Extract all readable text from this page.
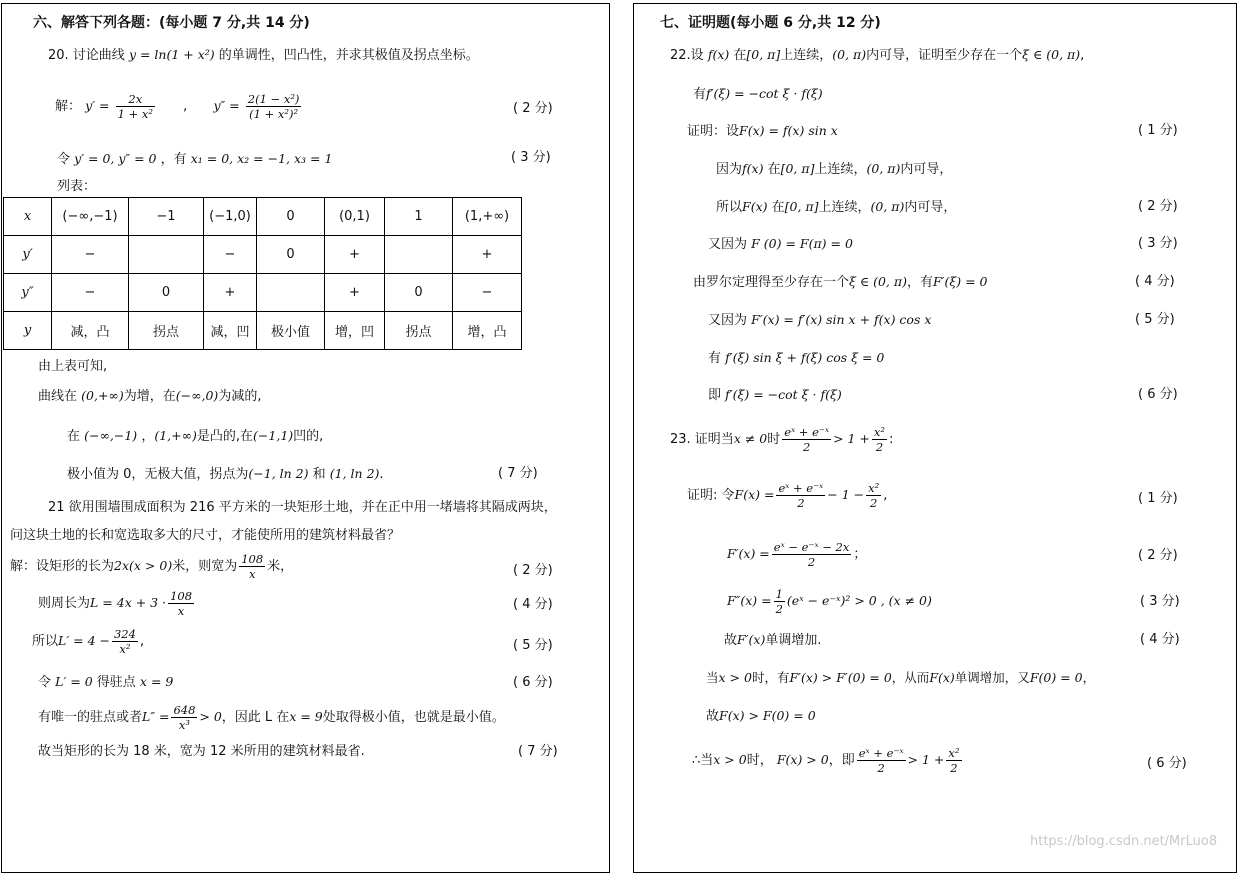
六、解答下列各题：(每小题 7 分,共 14 分)
20. 讨论曲线 y = ln(1 + x²) 的单调性，凹凸性，并求其极值及拐点坐标。
解： $y' = \frac{2x}{\text{1 + x²}}$ , $y'' = \frac{\text{2(1 − x²)}}{\text{(1 + x²)²}}$	( 2 分)
令 y′ = 0, y″ = 0 ，有 x₁ = 0, x₂ = −1, x₃ = 1	( 3 分)
列表：
x	(−∞,−1)	−1	(−1,0)	0	(0,1)	1	(1,+∞)
y′	−		−	0	+		+
y″	−	0	+		+	0	−
y	减，凸	拐点	减，凹	极小值	增，凹	拐点	增，凸
由上表可知,
曲线在 (0,+∞)为增，在(−∞,0)为减的,
在 (−∞,−1) ，(1,+∞)是凸的,在(−1,1)凹的,
极小值为 0，无极大值，拐点为(−1, ln 2) 和 (1, ln 2).	( 7 分)
21 欲用围墙围成面积为 216 平方米的一块矩形土地，并在正中用一堵墙将其隔成两块，
问这块土地的长和宽选取多大的尺寸，才能使所用的建筑材料最省？
解：设矩形的长为2x(x > 0)米，则宽为 $\frac{108}{x}$ 米，	( 2 分)
则周长为$L = 4x + 3 \cdot \frac{108}{x}$	( 4 分)
所以$L' = 4 - \frac{324}{\text{x²}}$ ,	( 5 分)
令 L′ = 0 得驻点 x = 9	( 6 分)
有唯一的驻点或者$L'' = \frac{648}{\text{x³}} > 0$，因此 L 在x = 9处取得极小值，也就是最小值。
故当矩形的长为 18 米，宽为 12 米所用的建筑材料最省.	( 7 分)
七、证明题(每小题 6 分,共 12 分)
22.设 f(x) 在[0, π]上连续，(0, π)内可导，证明至少存在一个ξ ∈ (0, π),
有f′(ξ) = −cot ξ · f(ξ)
证明：设F(x) = f(x) sin x	( 1 分)
因为f(x) 在[0, π]上连续，(0, π)内可导，
所以F(x) 在[0, π]上连续，(0, π)内可导，	( 2 分)
又因为 F (0) = F(π) = 0	( 3 分)
由罗尔定理得至少存在一个ξ ∈ (0, π)，有F′(ξ) = 0	( 4 分)
又因为 F′(x) = f′(x) sin x + f(x) cos x	( 5 分)
有 f′(ξ) sin ξ + f(ξ) cos ξ = 0
即 f′(ξ) = −cot ξ · f(ξ)	( 6 分)
23. 证明当x ≠ 0时 $\frac{\text{eˣ + e⁻ˣ}}{2} > 1 + \frac{\text{x²}}{2}$ :
证明: 令$F(x) = \frac{\text{eˣ + e⁻ˣ}}{2} - 1 - \frac{\text{x²}}{2}$ ,	( 1 分)
$F'(x) = \frac{\text{eˣ − e⁻ˣ − 2x}}{2}$ ；	( 2 分)
$F''(x) = \frac{1}{2}$ (eˣ − e⁻ˣ)² > 0 , (x ≠ 0)	( 3 分)
故F′(x)单调增加.	( 4 分)
当x > 0时，有F′(x) > F′(0) = 0，从而F(x)单调增加，又F(0) = 0，
故F(x) > F(0) = 0
∴当x > 0时， F(x) > 0，即 $\frac{\text{eˣ + e⁻ˣ}}{2} > 1 + \frac{\text{x²}}{2}$	( 6 分)
https://blog.csdn.net/MrLuo8
